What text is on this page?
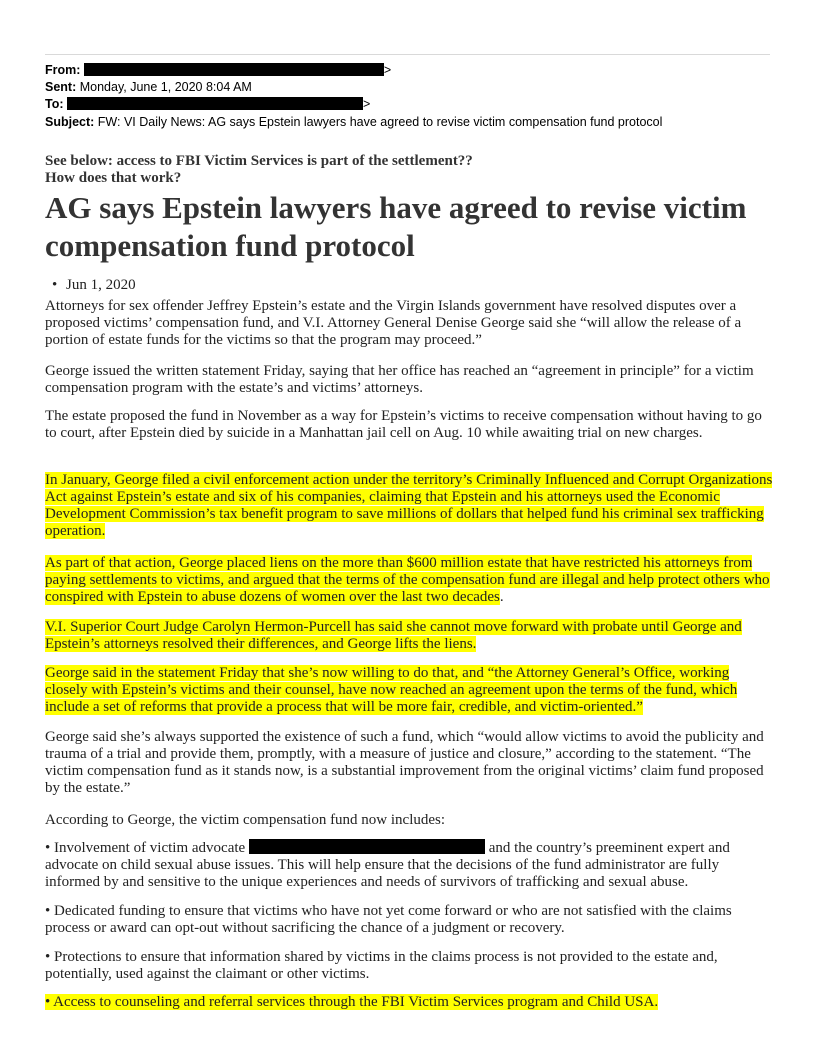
From:	>
Sent: Monday, June 1, 2020 8:04 AM
To:	>
Subject: FW: VI Daily News: AG says Epstein lawyers have agreed to revise victim compensation fund protocol
See below: access to FBI Victim Services is part of the settlement??
How does that work?
AG says Epstein lawyers have agreed to revise victim compensation fund protocol
• Jun 1, 2020

Attorneys for sex offender Jeffrey Epstein’s estate and the Virgin Islands government have resolved disputes over a proposed victims’ compensation fund, and V.I. Attorney General Denise George said she “will allow the release of a portion of estate funds for the victims so that the program may proceed.”

George issued the written statement Friday, saying that her office has reached an “agreement in principle” for a victim compensation program with the estate’s and victims’ attorneys.

The estate proposed the fund in November as a way for Epstein’s victims to receive compensation without having to go to court, after Epstein died by suicide in a Manhattan jail cell on Aug. 10 while awaiting trial on new charges.

In January, George filed a civil enforcement action under the territory’s Criminally Influenced and Corrupt Organizations Act against Epstein’s estate and six of his companies, claiming that Epstein and his attorneys used the Economic Development Commission’s tax benefit program to save millions of dollars that helped fund his criminal sex trafficking operation.

As part of that action, George placed liens on the more than $600 million estate that have restricted his attorneys from paying settlements to victims, and argued that the terms of the compensation fund are illegal and help protect others who conspired with Epstein to abuse dozens of women over the last two decades.

V.I. Superior Court Judge Carolyn Hermon-Purcell has said she cannot move forward with probate until George and Epstein’s attorneys resolved their differences, and George lifts the liens.

George said in the statement Friday that she’s now willing to do that, and “the Attorney General’s Office, working closely with Epstein’s victims and their counsel, have now reached an agreement upon the terms of the fund, which include a set of reforms that provide a process that will be more fair, credible, and victim-oriented.”

George said she’s always supported the existence of such a fund, which “would allow victims to avoid the publicity and trauma of a trial and provide them, promptly, with a measure of justice and closure,” according to the statement. “The victim compensation fund as it stands now, is a substantial improvement from the original victims’ claim fund proposed by the estate.”

According to George, the victim compensation fund now includes:

• Involvement of victim advocate	and the country’s preeminent expert and advocate on child sexual abuse issues. This will help ensure that the decisions of the fund administrator are fully informed by and sensitive to the unique experiences and needs of survivors of trafficking and sexual abuse.

• Dedicated funding to ensure that victims who have not yet come forward or who are not satisfied with the claims process or award can opt-out without sacrificing the chance of a judgment or recovery.

• Protections to ensure that information shared by victims in the claims process is not provided to the estate and, potentially, used against the claimant or other victims.

• Access to counseling and referral services through the FBI Victim Services program and Child USA.
